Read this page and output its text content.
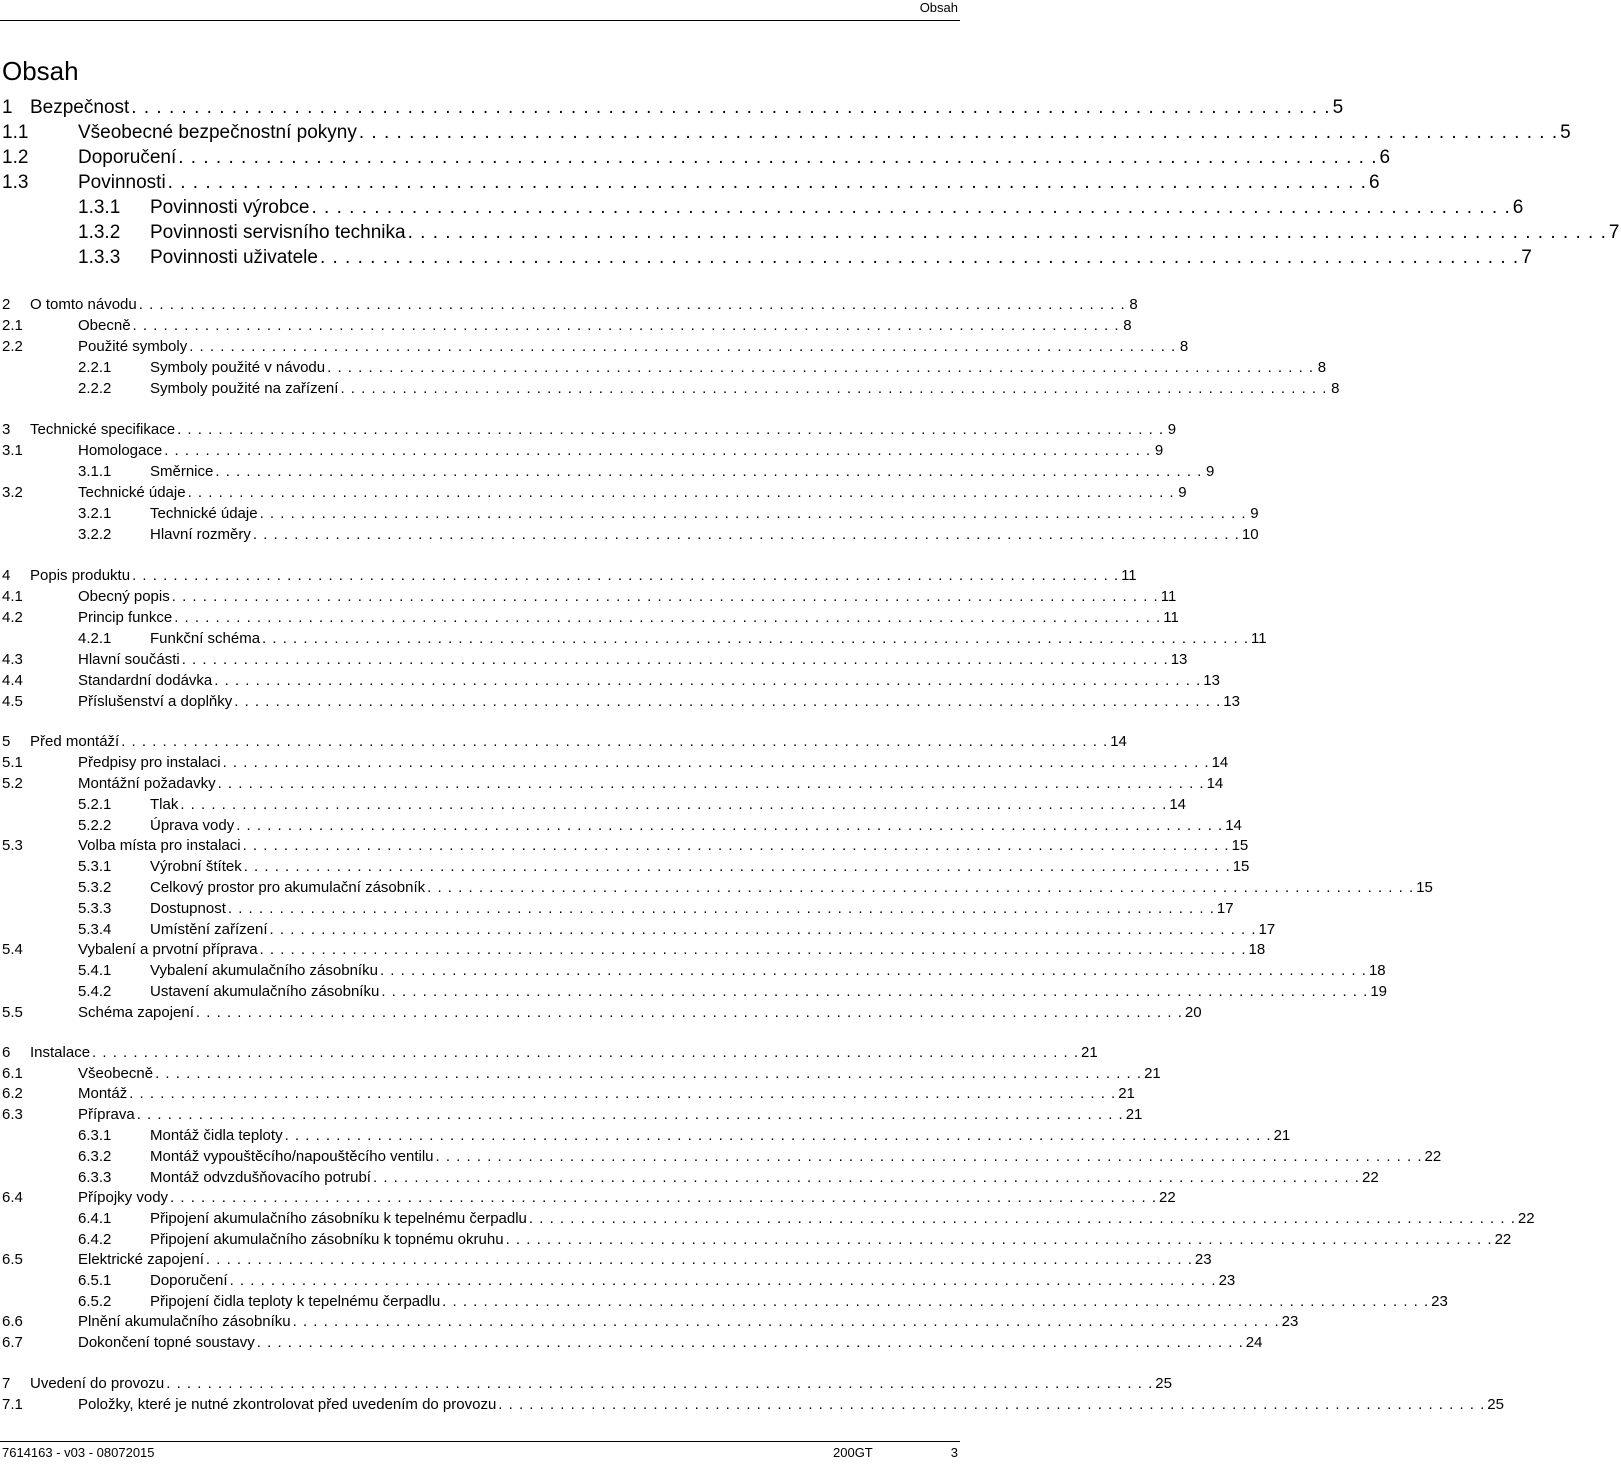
Obsah
Obsah
1 Bezpečnost . . . . . . . . . . . . . . . . . . . . . . . . . . . . . . . . . . . . . . . . . . . . . . . . . . . . . . . . . . . . . . . . . . . . . . . . . . . . . . . . . . . . . . . . . . . . . . . . 5
1.1	Všeobecné bezpečnostní pokyny . . . . . . . . . . . . . . . . . . . . . . . . . . . . . . . . . . . . . . . . . . . . . . . . . . . . . . . . . . . . . . . . . . . . . . . . . . . . . . . . . . . . . . . . . . . . . . . . 5
1.2	Doporučení . . . . . . . . . . . . . . . . . . . . . . . . . . . . . . . . . . . . . . . . . . . . . . . . . . . . . . . . . . . . . . . . . . . . . . . . . . . . . . . . . . . . . . . . . . . . . . . . 6
1.3	Povinnosti . . . . . . . . . . . . . . . . . . . . . . . . . . . . . . . . . . . . . . . . . . . . . . . . . . . . . . . . . . . . . . . . . . . . . . . . . . . . . . . . . . . . . . . . . . . . . . . . 6
1.3.1	Povinnosti výrobce . . . . . . . . . . . . . . . . . . . . . . . . . . . . . . . . . . . . . . . . . . . . . . . . . . . . . . . . . . . . . . . . . . . . . . . . . . . . . . . . . . . . . . . . . . . . . . . . 6
1.3.2	Povinnosti servisního technika . . . . . . . . . . . . . . . . . . . . . . . . . . . . . . . . . . . . . . . . . . . . . . . . . . . . . . . . . . . . . . . . . . . . . . . . . . . . . . . . . . . . . . . . . . . . . . . . 7
1.3.3	Povinnosti uživatele . . . . . . . . . . . . . . . . . . . . . . . . . . . . . . . . . . . . . . . . . . . . . . . . . . . . . . . . . . . . . . . . . . . . . . . . . . . . . . . . . . . . . . . . . . . . . . . . 7
2	O tomto návodu . . . . . . . . . . . . . . . . . . . . . . . . . . . . . . . . . . . . . . . . . . . . . . . . . . . . . . . . . . . . . . . . . . . . . . . . . . . . . . . . . . . . . . . . . . . . . . . . 8
2.1	Obecně . . . . . . . . . . . . . . . . . . . . . . . . . . . . . . . . . . . . . . . . . . . . . . . . . . . . . . . . . . . . . . . . . . . . . . . . . . . . . . . . . . . . . . . . . . . . . . . . 8
2.2	Použité symboly . . . . . . . . . . . . . . . . . . . . . . . . . . . . . . . . . . . . . . . . . . . . . . . . . . . . . . . . . . . . . . . . . . . . . . . . . . . . . . . . . . . . . . . . . . . . . . . . 8
2.2.1	Symboly použité v návodu . . . . . . . . . . . . . . . . . . . . . . . . . . . . . . . . . . . . . . . . . . . . . . . . . . . . . . . . . . . . . . . . . . . . . . . . . . . . . . . . . . . . . . . . . . . . . . . . 8
2.2.2	Symboly použité na zařízení . . . . . . . . . . . . . . . . . . . . . . . . . . . . . . . . . . . . . . . . . . . . . . . . . . . . . . . . . . . . . . . . . . . . . . . . . . . . . . . . . . . . . . . . . . . . . . . . 8
3	Technické specifikace . . . . . . . . . . . . . . . . . . . . . . . . . . . . . . . . . . . . . . . . . . . . . . . . . . . . . . . . . . . . . . . . . . . . . . . . . . . . . . . . . . . . . . . . . . . . . . . . 9
3.1	Homologace . . . . . . . . . . . . . . . . . . . . . . . . . . . . . . . . . . . . . . . . . . . . . . . . . . . . . . . . . . . . . . . . . . . . . . . . . . . . . . . . . . . . . . . . . . . . . . . . 9
3.1.1	Směrnice . . . . . . . . . . . . . . . . . . . . . . . . . . . . . . . . . . . . . . . . . . . . . . . . . . . . . . . . . . . . . . . . . . . . . . . . . . . . . . . . . . . . . . . . . . . . . . . . 9
3.2	Technické údaje . . . . . . . . . . . . . . . . . . . . . . . . . . . . . . . . . . . . . . . . . . . . . . . . . . . . . . . . . . . . . . . . . . . . . . . . . . . . . . . . . . . . . . . . . . . . . . . . 9
3.2.1	Technické údaje . . . . . . . . . . . . . . . . . . . . . . . . . . . . . . . . . . . . . . . . . . . . . . . . . . . . . . . . . . . . . . . . . . . . . . . . . . . . . . . . . . . . . . . . . . . . . . . . 9
3.2.2	Hlavní rozměry . . . . . . . . . . . . . . . . . . . . . . . . . . . . . . . . . . . . . . . . . . . . . . . . . . . . . . . . . . . . . . . . . . . . . . . . . . . . . . . . . . . . . . . . . . . . . . . . 10
4	Popis produktu . . . . . . . . . . . . . . . . . . . . . . . . . . . . . . . . . . . . . . . . . . . . . . . . . . . . . . . . . . . . . . . . . . . . . . . . . . . . . . . . . . . . . . . . . . . . . . . . 11
4.1	Obecný popis . . . . . . . . . . . . . . . . . . . . . . . . . . . . . . . . . . . . . . . . . . . . . . . . . . . . . . . . . . . . . . . . . . . . . . . . . . . . . . . . . . . . . . . . . . . . . . . . 11
4.2	Princip funkce . . . . . . . . . . . . . . . . . . . . . . . . . . . . . . . . . . . . . . . . . . . . . . . . . . . . . . . . . . . . . . . . . . . . . . . . . . . . . . . . . . . . . . . . . . . . . . . . 11
4.2.1	Funkční schéma . . . . . . . . . . . . . . . . . . . . . . . . . . . . . . . . . . . . . . . . . . . . . . . . . . . . . . . . . . . . . . . . . . . . . . . . . . . . . . . . . . . . . . . . . . . . . . . . 11
4.3	Hlavní součásti . . . . . . . . . . . . . . . . . . . . . . . . . . . . . . . . . . . . . . . . . . . . . . . . . . . . . . . . . . . . . . . . . . . . . . . . . . . . . . . . . . . . . . . . . . . . . . . . 13
4.4	Standardní dodávka . . . . . . . . . . . . . . . . . . . . . . . . . . . . . . . . . . . . . . . . . . . . . . . . . . . . . . . . . . . . . . . . . . . . . . . . . . . . . . . . . . . . . . . . . . . . . . . . 13
4.5	Příslušenství a doplňky . . . . . . . . . . . . . . . . . . . . . . . . . . . . . . . . . . . . . . . . . . . . . . . . . . . . . . . . . . . . . . . . . . . . . . . . . . . . . . . . . . . . . . . . . . . . . . . . 13
5	Před montáží . . . . . . . . . . . . . . . . . . . . . . . . . . . . . . . . . . . . . . . . . . . . . . . . . . . . . . . . . . . . . . . . . . . . . . . . . . . . . . . . . . . . . . . . . . . . . . . . 14
5.1	Předpisy pro instalaci . . . . . . . . . . . . . . . . . . . . . . . . . . . . . . . . . . . . . . . . . . . . . . . . . . . . . . . . . . . . . . . . . . . . . . . . . . . . . . . . . . . . . . . . . . . . . . . . 14
5.2	Montážní požadavky . . . . . . . . . . . . . . . . . . . . . . . . . . . . . . . . . . . . . . . . . . . . . . . . . . . . . . . . . . . . . . . . . . . . . . . . . . . . . . . . . . . . . . . . . . . . . . . . 14
5.2.1	Tlak . . . . . . . . . . . . . . . . . . . . . . . . . . . . . . . . . . . . . . . . . . . . . . . . . . . . . . . . . . . . . . . . . . . . . . . . . . . . . . . . . . . . . . . . . . . . . . . . 14
5.2.2	Úprava vody . . . . . . . . . . . . . . . . . . . . . . . . . . . . . . . . . . . . . . . . . . . . . . . . . . . . . . . . . . . . . . . . . . . . . . . . . . . . . . . . . . . . . . . . . . . . . . . . 14
5.3	Volba místa pro instalaci . . . . . . . . . . . . . . . . . . . . . . . . . . . . . . . . . . . . . . . . . . . . . . . . . . . . . . . . . . . . . . . . . . . . . . . . . . . . . . . . . . . . . . . . . . . . . . . . 15
5.3.1	Výrobní štítek . . . . . . . . . . . . . . . . . . . . . . . . . . . . . . . . . . . . . . . . . . . . . . . . . . . . . . . . . . . . . . . . . . . . . . . . . . . . . . . . . . . . . . . . . . . . . . . . 15
5.3.2	Celkový prostor pro akumulační zásobník . . . . . . . . . . . . . . . . . . . . . . . . . . . . . . . . . . . . . . . . . . . . . . . . . . . . . . . . . . . . . . . . . . . . . . . . . . . . . . . . . . . . . . . . . . . . . . . . 15
5.3.3	Dostupnost . . . . . . . . . . . . . . . . . . . . . . . . . . . . . . . . . . . . . . . . . . . . . . . . . . . . . . . . . . . . . . . . . . . . . . . . . . . . . . . . . . . . . . . . . . . . . . . . 17
5.3.4	Umístění zařízení . . . . . . . . . . . . . . . . . . . . . . . . . . . . . . . . . . . . . . . . . . . . . . . . . . . . . . . . . . . . . . . . . . . . . . . . . . . . . . . . . . . . . . . . . . . . . . . . 17
5.4	Vybalení a prvotní příprava . . . . . . . . . . . . . . . . . . . . . . . . . . . . . . . . . . . . . . . . . . . . . . . . . . . . . . . . . . . . . . . . . . . . . . . . . . . . . . . . . . . . . . . . . . . . . . . . 18
5.4.1	Vybalení akumulačního zásobníku . . . . . . . . . . . . . . . . . . . . . . . . . . . . . . . . . . . . . . . . . . . . . . . . . . . . . . . . . . . . . . . . . . . . . . . . . . . . . . . . . . . . . . . . . . . . . . . . 18
5.4.2	Ustavení akumulačního zásobníku . . . . . . . . . . . . . . . . . . . . . . . . . . . . . . . . . . . . . . . . . . . . . . . . . . . . . . . . . . . . . . . . . . . . . . . . . . . . . . . . . . . . . . . . . . . . . . . . 19
5.5	Schéma zapojení . . . . . . . . . . . . . . . . . . . . . . . . . . . . . . . . . . . . . . . . . . . . . . . . . . . . . . . . . . . . . . . . . . . . . . . . . . . . . . . . . . . . . . . . . . . . . . . . 20
6	Instalace . . . . . . . . . . . . . . . . . . . . . . . . . . . . . . . . . . . . . . . . . . . . . . . . . . . . . . . . . . . . . . . . . . . . . . . . . . . . . . . . . . . . . . . . . . . . . . . . 21
6.1	Všeobecně . . . . . . . . . . . . . . . . . . . . . . . . . . . . . . . . . . . . . . . . . . . . . . . . . . . . . . . . . . . . . . . . . . . . . . . . . . . . . . . . . . . . . . . . . . . . . . . . 21
6.2	Montáž . . . . . . . . . . . . . . . . . . . . . . . . . . . . . . . . . . . . . . . . . . . . . . . . . . . . . . . . . . . . . . . . . . . . . . . . . . . . . . . . . . . . . . . . . . . . . . . . 21
6.3	Příprava . . . . . . . . . . . . . . . . . . . . . . . . . . . . . . . . . . . . . . . . . . . . . . . . . . . . . . . . . . . . . . . . . . . . . . . . . . . . . . . . . . . . . . . . . . . . . . . . 21
6.3.1	Montáž čidla teploty . . . . . . . . . . . . . . . . . . . . . . . . . . . . . . . . . . . . . . . . . . . . . . . . . . . . . . . . . . . . . . . . . . . . . . . . . . . . . . . . . . . . . . . . . . . . . . . . 21
6.3.2	Montáž vypouštěcího/napouštěcího ventilu . . . . . . . . . . . . . . . . . . . . . . . . . . . . . . . . . . . . . . . . . . . . . . . . . . . . . . . . . . . . . . . . . . . . . . . . . . . . . . . . . . . . . . . . . . . . . . . . 22
6.3.3	Montáž odvzdušňovacího potrubí . . . . . . . . . . . . . . . . . . . . . . . . . . . . . . . . . . . . . . . . . . . . . . . . . . . . . . . . . . . . . . . . . . . . . . . . . . . . . . . . . . . . . . . . . . . . . . . . 22
6.4	Přípojky vody . . . . . . . . . . . . . . . . . . . . . . . . . . . . . . . . . . . . . . . . . . . . . . . . . . . . . . . . . . . . . . . . . . . . . . . . . . . . . . . . . . . . . . . . . . . . . . . . 22
6.4.1	Připojení akumulačního zásobníku k tepelnému čerpadlu . . . . . . . . . . . . . . . . . . . . . . . . . . . . . . . . . . . . . . . . . . . . . . . . . . . . . . . . . . . . . . . . . . . . . . . . . . . . . . . . . . . . . . . . . . . . . . . . 22
6.4.2	Připojení akumulačního zásobníku k topnému okruhu . . . . . . . . . . . . . . . . . . . . . . . . . . . . . . . . . . . . . . . . . . . . . . . . . . . . . . . . . . . . . . . . . . . . . . . . . . . . . . . . . . . . . . . . . . . . . . . . 22
6.5	Elektrické zapojení . . . . . . . . . . . . . . . . . . . . . . . . . . . . . . . . . . . . . . . . . . . . . . . . . . . . . . . . . . . . . . . . . . . . . . . . . . . . . . . . . . . . . . . . . . . . . . . . 23
6.5.1	Doporučení . . . . . . . . . . . . . . . . . . . . . . . . . . . . . . . . . . . . . . . . . . . . . . . . . . . . . . . . . . . . . . . . . . . . . . . . . . . . . . . . . . . . . . . . . . . . . . . . 23
6.5.2	Připojení čidla teploty k tepelnému čerpadlu . . . . . . . . . . . . . . . . . . . . . . . . . . . . . . . . . . . . . . . . . . . . . . . . . . . . . . . . . . . . . . . . . . . . . . . . . . . . . . . . . . . . . . . . . . . . . . . . 23
6.6	Plnění akumulačního zásobníku . . . . . . . . . . . . . . . . . . . . . . . . . . . . . . . . . . . . . . . . . . . . . . . . . . . . . . . . . . . . . . . . . . . . . . . . . . . . . . . . . . . . . . . . . . . . . . . . 23
6.7	Dokončení topné soustavy . . . . . . . . . . . . . . . . . . . . . . . . . . . . . . . . . . . . . . . . . . . . . . . . . . . . . . . . . . . . . . . . . . . . . . . . . . . . . . . . . . . . . . . . . . . . . . . . 24
7	Uvedení do provozu . . . . . . . . . . . . . . . . . . . . . . . . . . . . . . . . . . . . . . . . . . . . . . . . . . . . . . . . . . . . . . . . . . . . . . . . . . . . . . . . . . . . . . . . . . . . . . . . 25
7.1	Položky, které je nutné zkontrolovat před uvedením do provozu . . . . . . . . . . . . . . . . . . . . . . . . . . . . . . . . . . . . . . . . . . . . . . . . . . . . . . . . . . . . . . . . . . . . . . . . . . . . . . . . . . . . . . . . . . . . . . . . 25
7614163 - v03 - 08072015	200GT	3
